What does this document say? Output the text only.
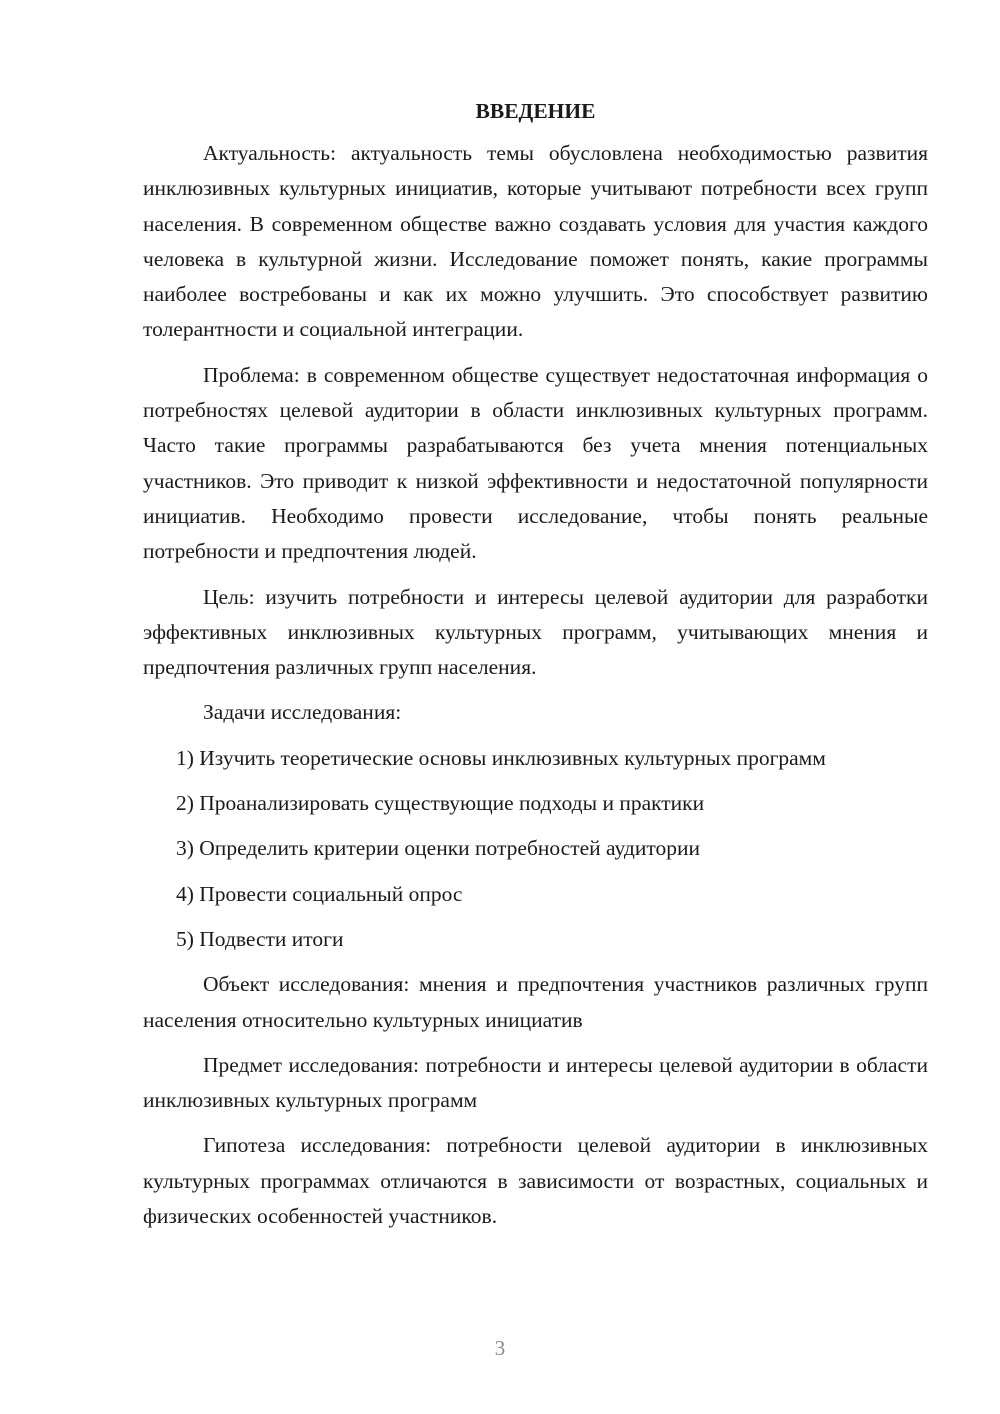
ВВЕДЕНИЕ

Актуальность: актуальность темы обусловлена необходимостью развития инклюзивных культурных инициатив, которые учитывают потребности всех групп населения. В современном обществе важно создавать условия для участия каждого человека в культурной жизни. Исследование поможет понять, какие программы наиболее востребованы и как их можно улучшить. Это способствует развитию толерантности и социальной интеграции.

Проблема: в современном обществе существует недостаточная информация о потребностях целевой аудитории в области инклюзивных культурных программ. Часто такие программы разрабатываются без учета мнения потенциальных участников. Это приводит к низкой эффективности и недостаточной популярности инициатив. Необходимо провести исследование, чтобы понять реальные потребности и предпочтения людей.

Цель: изучить потребности и интересы целевой аудитории для разработки эффективных инклюзивных культурных программ, учитывающих мнения и предпочтения различных групп населения.

Задачи исследования:

1) Изучить теоретические основы инклюзивных культурных программ
2) Проанализировать существующие подходы и практики
3) Определить критерии оценки потребностей аудитории
4) Провести социальный опрос
5) Подвести итоги

Объект исследования: мнения и предпочтения участников различных групп населения относительно культурных инициатив

Предмет исследования: потребности и интересы целевой аудитории в области инклюзивных культурных программ

Гипотеза исследования: потребности целевой аудитории в инклюзивных культурных программах отличаются в зависимости от возрастных, социальных и физических особенностей участников.

3
